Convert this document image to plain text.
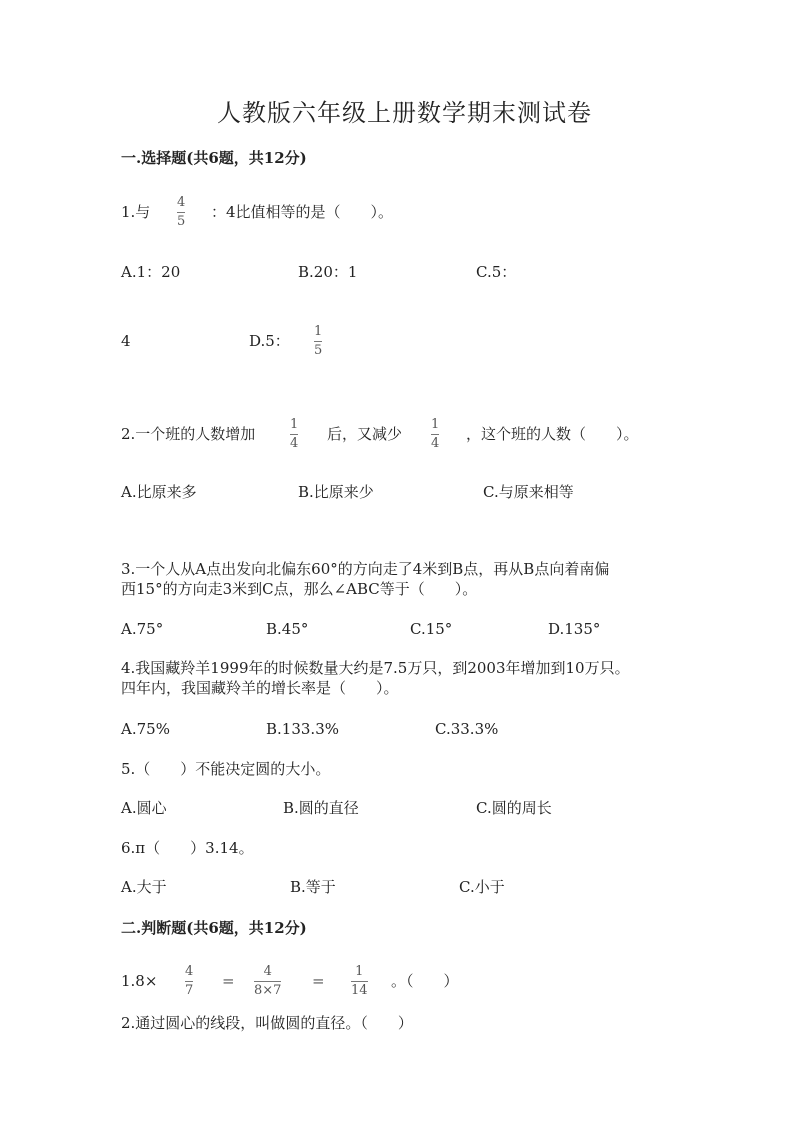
人教版六年级上册数学期末测试卷
一.选择题(共6题，共12分)
1.与
4
5
：4比值相等的是（　　）。
A.1：20	B.20：1	C.5：
4	D.5：
1
5
2.一个班的人数增加
1
4
后，又减少
1
4
，这个班的人数（　　）。
A.比原来多	B.比原来少	C.与原来相等
3.一个人从A点出发向北偏东60°的方向走了4米到B点，再从B点向着南偏
西15°的方向走3米到C点，那么∠ABC等于（　　）。
A.75°	B.45°	C.15°	D.135°
4.我国藏羚羊1999年的时候数量大约是7.5万只，到2003年增加到10万只。
四年内，我国藏羚羊的增长率是（　　）。
A.75%	B.133.3%	C.33.3%
5.（　　）不能决定圆的大小。
A.圆心	B.圆的直径	C.圆的周长
6.π（　　）3.14。
A.大于	B.等于	C.小于
二.判断题(共6题，共12分)
1.8×
4
7
=
4
8×7
=
1
14
。（　　）
2.通过圆心的线段，叫做圆的直径。（　　）
